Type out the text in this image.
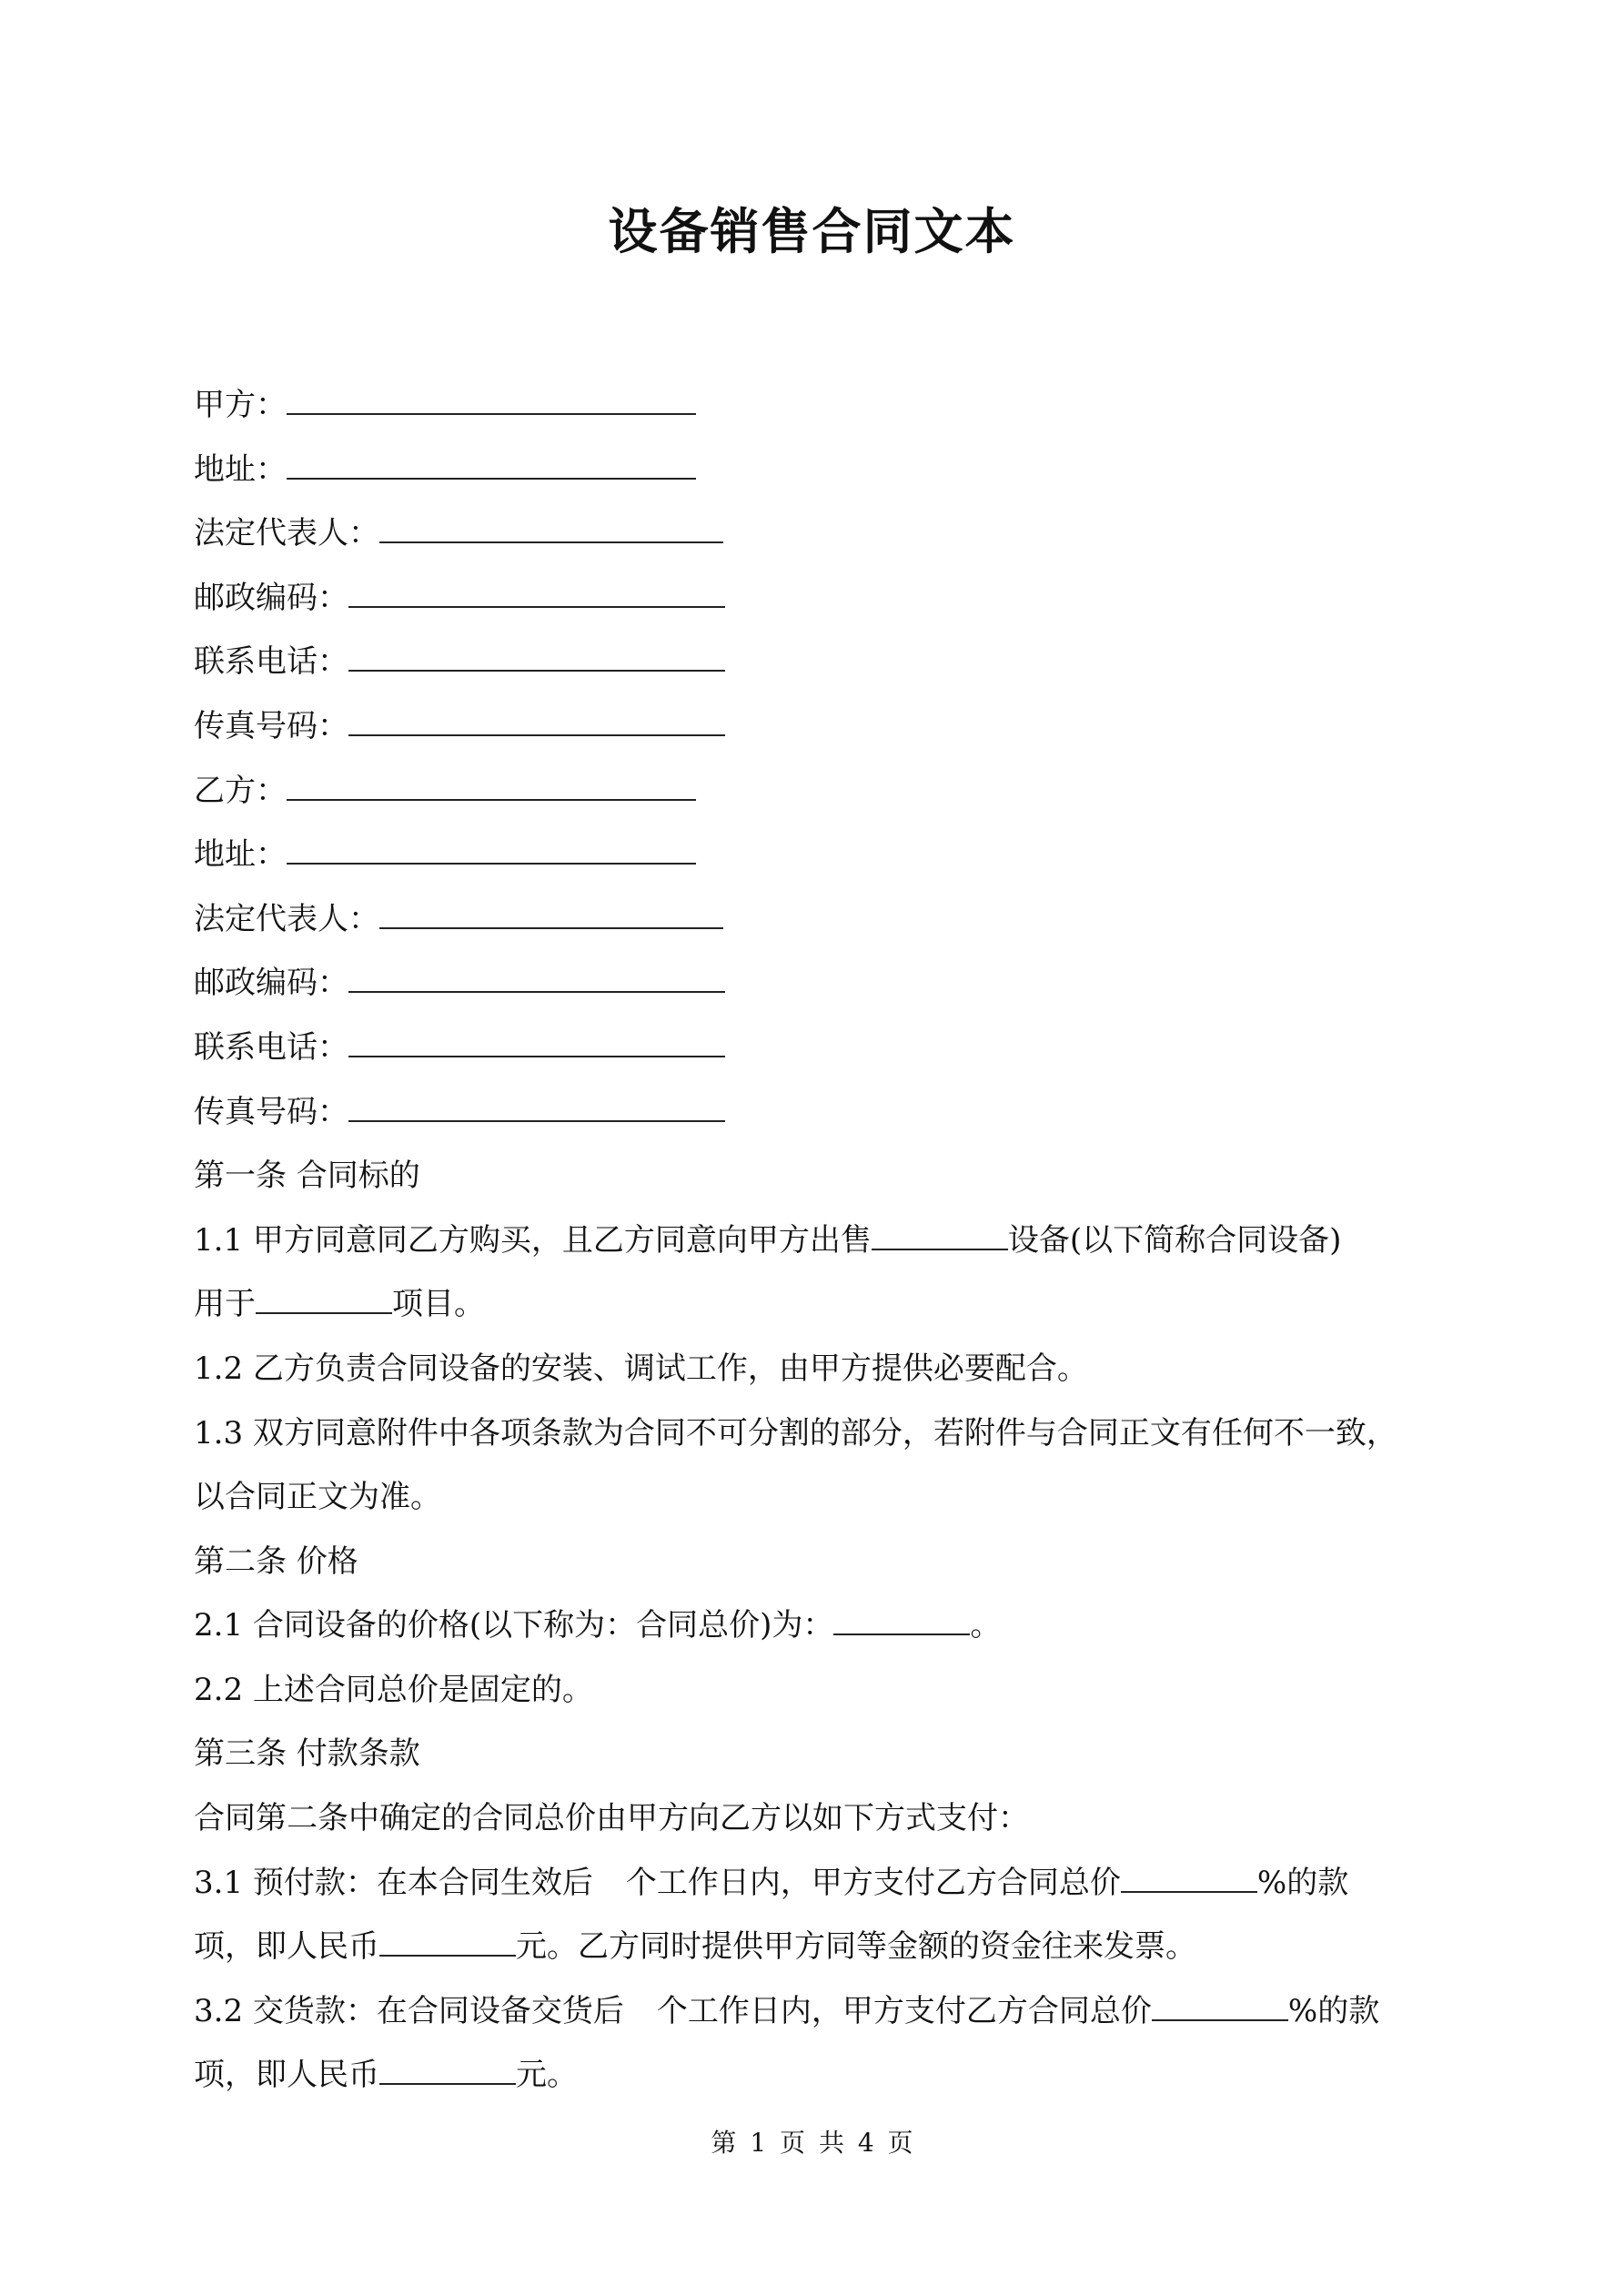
设备销售合同文本
甲方：
地址：
法定代表人：
邮政编码：
联系电话：
传真号码：
乙方：
地址：
法定代表人：
邮政编码：
联系电话：
传真号码：
第一条 合同标的
1.1 甲方同意同乙方购买，且乙方同意向甲方出售	设备(以下简称合同设备)
用于	项目。
1.2 乙方负责合同设备的安装、调试工作，由甲方提供必要配合。
1.3 双方同意附件中各项条款为合同不可分割的部分，若附件与合同正文有任何不一致，
以合同正文为准。
第二条 价格
2.1 合同设备的价格(以下称为：合同总价)为：	。
2.2 上述合同总价是固定的。
第三条 付款条款
合同第二条中确定的合同总价由甲方向乙方以如下方式支付：
3.1 预付款：在本合同生效后 个工作日内，甲方支付乙方合同总价	%的款
项，即人民币	元。乙方同时提供甲方同等金额的资金往来发票。
3.2 交货款：在合同设备交货后 个工作日内，甲方支付乙方合同总价	%的款
项，即人民币	元。
第 1 页 共 4 页
